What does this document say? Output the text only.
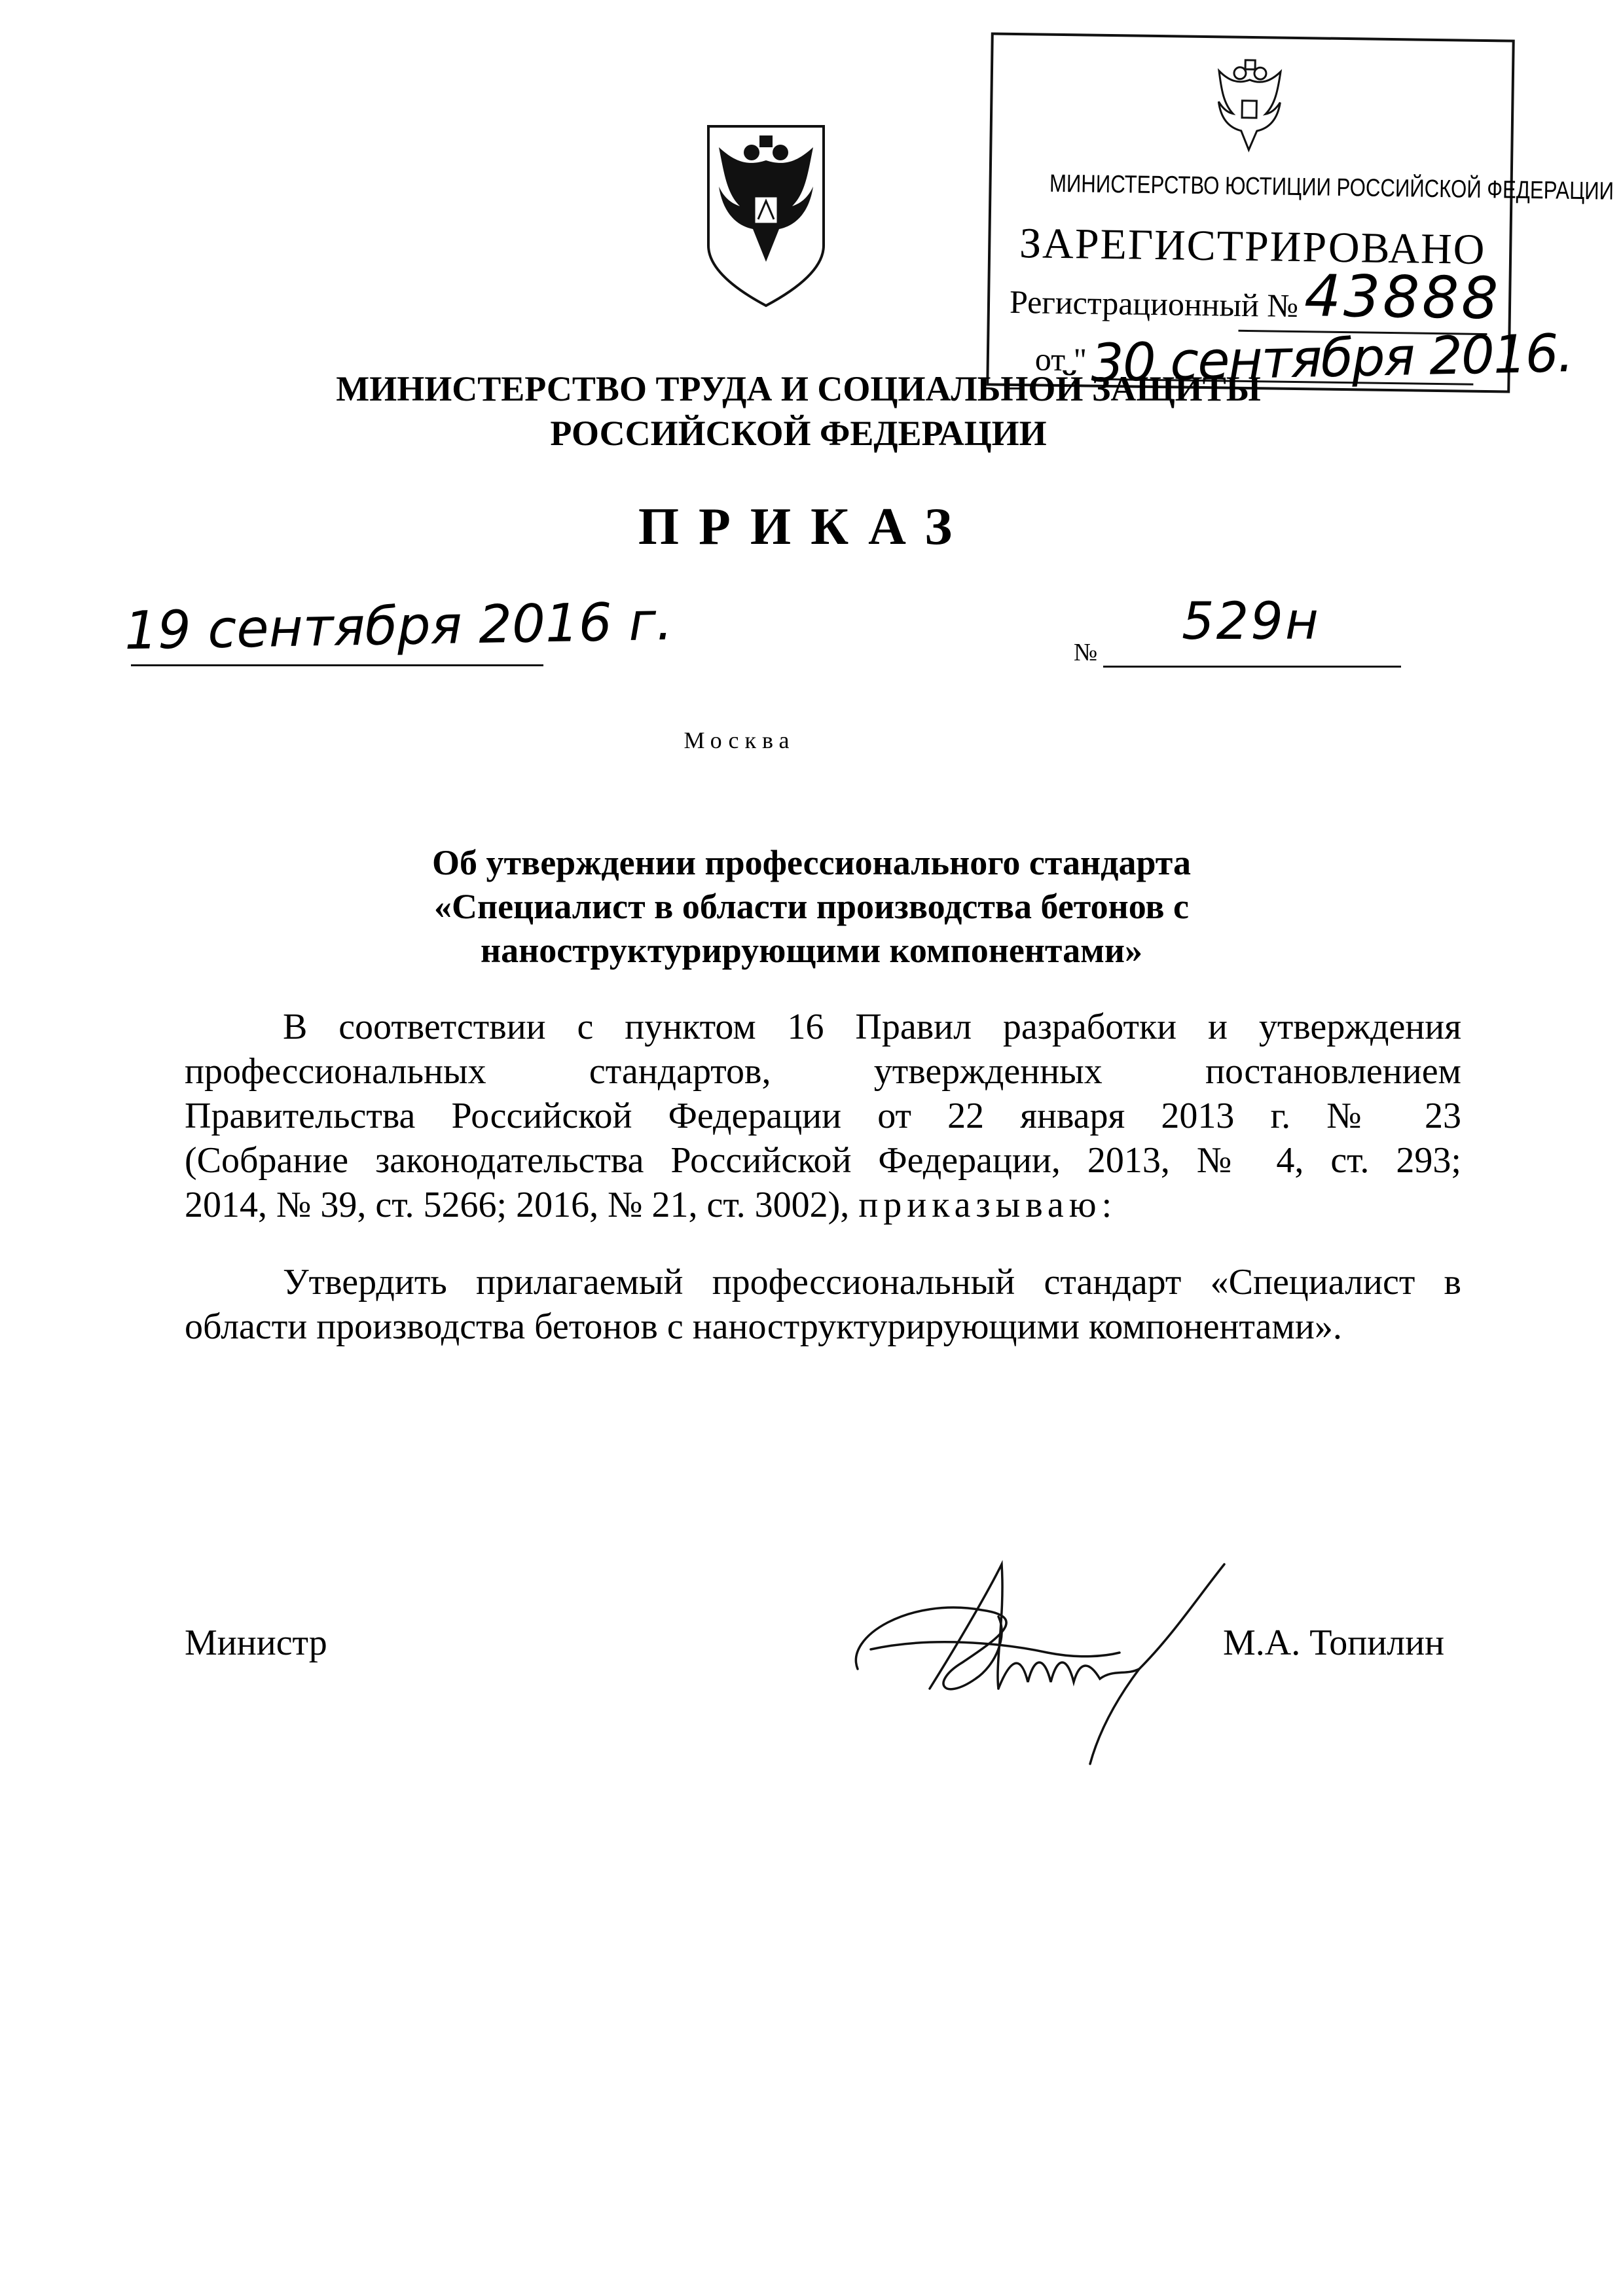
МИНИСТЕРСТВО ЮСТИЦИИ РОССИЙСКОЙ ФЕДЕРАЦИИ
ЗАРЕГИСТРИРОВАНО
Регистрационный № 43888
от " 30 сентября 2016.
МИНИСТЕРСТВО ТРУДА И СОЦИАЛЬНОЙ ЗАЩИТЫ
РОССИЙСКОЙ ФЕДЕРАЦИИ
ПРИКАЗ
19 сентября 2016 г.	№
529н
Москва
Об утверждении профессионального стандарта
«Специалист в области производства бетонов с
наноструктурирующими компонентами»
В соответствии с пунктом 16 Правил разработки и утверждения
профессиональных стандартов, утвержденных постановлением
Правительства Российской Федерации от 22 января 2013 г. № 23
(Собрание законодательства Российской Федерации, 2013, № 4, ст. 293;
2014, № 39, ст. 5266; 2016, № 21, ст. 3002), приказываю:
Утвердить прилагаемый профессиональный стандарт «Специалист в
области производства бетонов с наноструктурирующими компонентами».
Министр	М.А. Топилин
